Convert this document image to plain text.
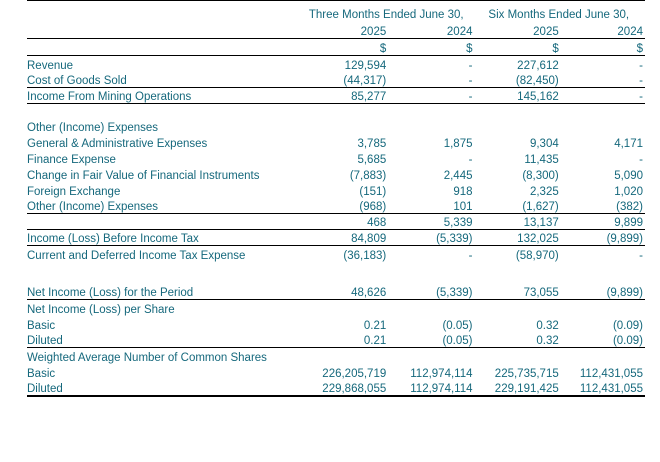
	Three Months Ended June 30,		Six Months Ended June 30,	
	2025	2024	2025	2024
	$	$	$	$
Revenue	129,594	-	227,612	-
Cost of Goods Sold	(44,317)	-	(82,450)	-
Income From Mining Operations	85,277	-	145,162	-

Other (Income) Expenses				
General & Administrative Expenses	3,785	1,875	9,304	4,171
Finance Expense	5,685	-	11,435	-
Change in Fair Value of Financial Instruments	(7,883)	2,445	(8,300)	5,090
Foreign Exchange	(151)	918	2,325	1,020
Other (Income) Expenses	(968)	101	(1,627)	(382)
	468	5,339	13,137	9,899
Income (Loss) Before Income Tax	84,809	(5,339)	132,025	(9,899)
Current and Deferred Income Tax Expense	(36,183)	-	(58,970)	-

Net Income (Loss) for the Period	48,626	(5,339)	73,055	(9,899)
Net Income (Loss) per Share				
Basic	0.21	(0.05)	0.32	(0.09)
Diluted	0.21	(0.05)	0.32	(0.09)
Weighted Average Number of Common Shares				
Basic	226,205,719	112,974,114	225,735,715	112,431,055
Diluted	229,868,055	112,974,114	229,191,425	112,431,055
